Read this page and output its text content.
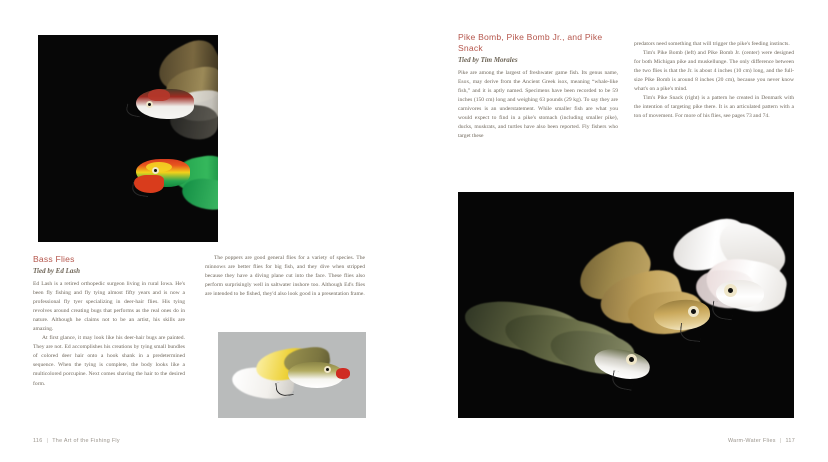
Bass Flies

Tied by Ed Lash

Ed Lash is a retired orthopedic surgeon living in rural Iowa. He's been fly fishing and fly tying almost fifty years and is now a professional fly tyer specializing in deer-hair flies. His tying revolves around creating bugs that performs as the real ones do in nature. Although he claims not to be an artist, his skills are amazing.

At first glance, it may look like his deer-hair bugs are painted. They are not. Ed accomplishes his creations by tying small bundles of colored deer hair onto a hook shank in a predetermined sequence. When the tying is complete, the body looks like a multicolored porcupine. Next comes shaving the hair to the desired form.

The poppers are good general flies for a variety of species. The minnows are better flies for big fish, and they dive when stripped because they have a diving plane cut into the face. These flies also perform surprisingly well in saltwater inshore too. Although Ed's flies are intended to be fished, they'd also look good in a presentation frame.

116 | The Art of the Fishing Fly
Pike Bomb, Pike Bomb Jr., and Pike Snack

Tied by Tim Morales

Pike are among the largest of freshwater game fish. Its genus name, Esox, may derive from the Ancient Greek isox, meaning “whale-like fish,” and it is aptly named. Specimens have been recorded to be 59 inches (150 cm) long and weighing 63 pounds (29 kg). To say they are carnivores is an understatement. While smaller fish are what you would expect to find in a pike's stomach (including smaller pike), ducks, muskrats, and turtles have also been reported. Fly fishers who target these

predators need something that will trigger the pike's feeding instincts.

Tim's Pike Bomb (left) and Pike Bomb Jr. (center) were designed for both Michigan pike and muskellunge. The only difference between the two flies is that the Jr. is about 4 inches (10 cm) long, and the full-size Pike Bomb is around 8 inches (20 cm), because you never know what's on a pike's mind.

Tim's Pike Snack (right) is a pattern he created in Denmark with the intention of targeting pike there. It is an articulated pattern with a ton of movement. For more of his flies, see pages 73 and 74.

Warm-Water Flies | 117
